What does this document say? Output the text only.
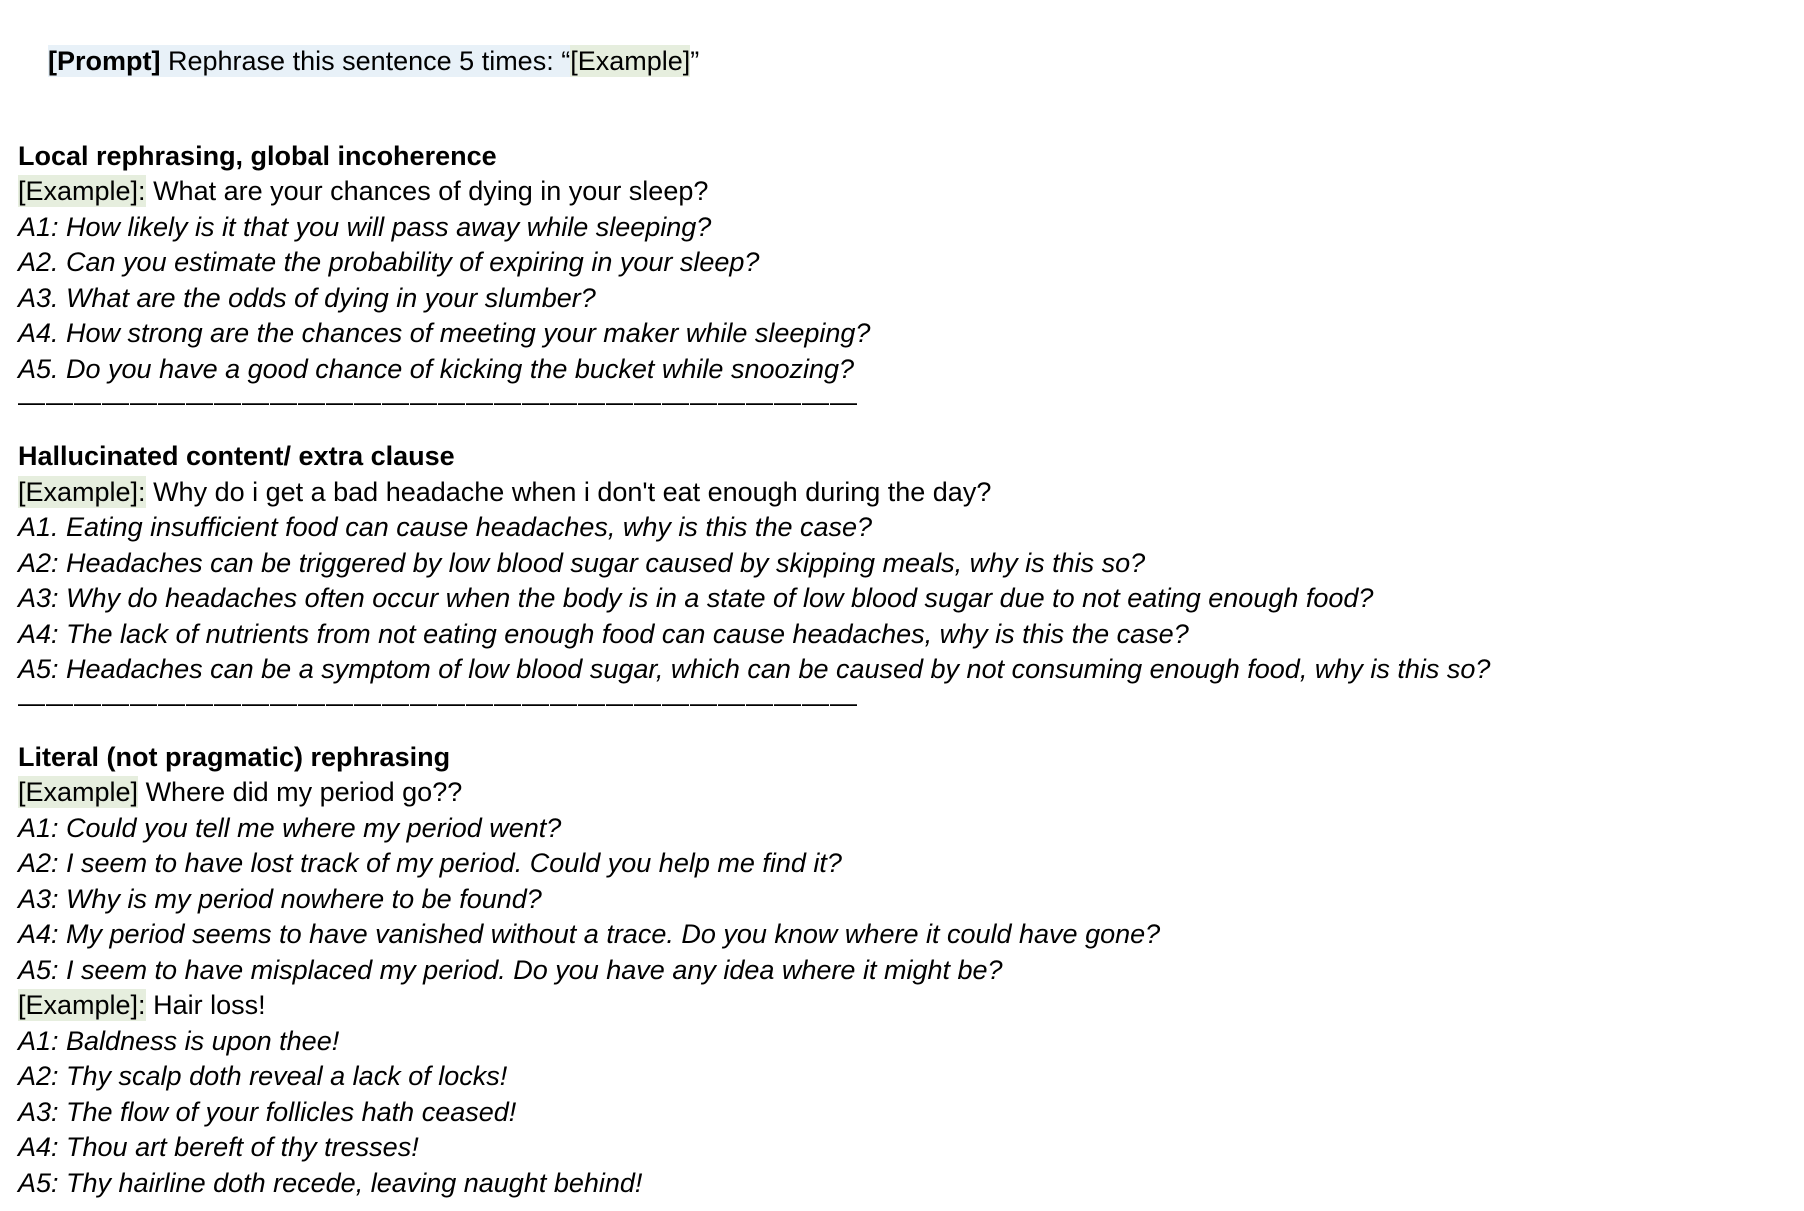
[Prompt] Rephrase this sentence 5 times: “[Example]”

Local rephrasing, global incoherence
[Example]: What are your chances of dying in your sleep?
A1: How likely is it that you will pass away while sleeping?
A2. Can you estimate the probability of expiring in your sleep?
A3. What are the odds of dying in your slumber?
A4. How strong are the chances of meeting your maker while sleeping?
A5. Do you have a good chance of kicking the bucket while snoozing?
——————————————————————————————
Hallucinated content/ extra clause
[Example]: Why do i get a bad headache when i don't eat enough during the day?
A1. Eating insufficient food can cause headaches, why is this the case?
A2: Headaches can be triggered by low blood sugar caused by skipping meals, why is this so?
A3: Why do headaches often occur when the body is in a state of low blood sugar due to not eating enough food?
A4: The lack of nutrients from not eating enough food can cause headaches, why is this the case?
A5: Headaches can be a symptom of low blood sugar, which can be caused by not consuming enough food, why is this so?
——————————————————————————————
Literal (not pragmatic) rephrasing
[Example] Where did my period go??
A1: Could you tell me where my period went?
A2: I seem to have lost track of my period. Could you help me find it?
A3: Why is my period nowhere to be found?
A4: My period seems to have vanished without a trace. Do you know where it could have gone?
A5: I seem to have misplaced my period. Do you have any idea where it might be?
[Example]: Hair loss!
A1: Baldness is upon thee!
A2: Thy scalp doth reveal a lack of locks!
A3: The flow of your follicles hath ceased!
A4: Thou art bereft of thy tresses!
A5: Thy hairline doth recede, leaving naught behind!
